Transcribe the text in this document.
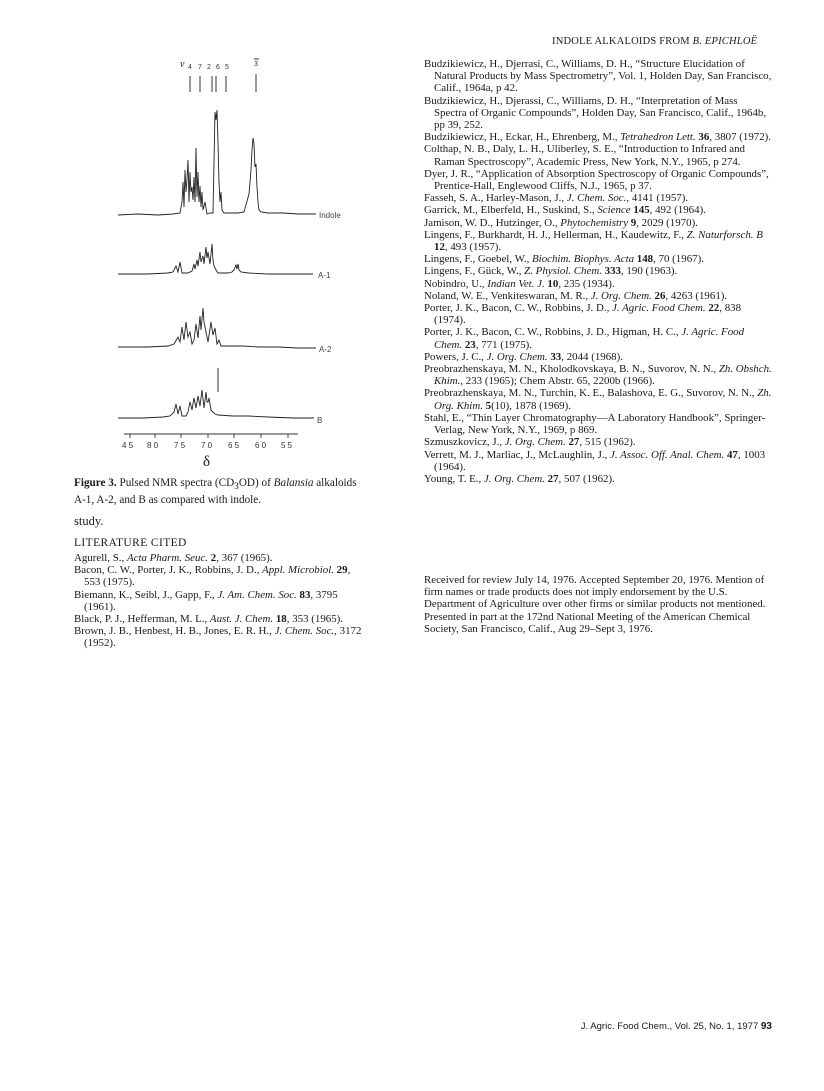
INDOLE ALKALOIDS FROM B. EPICHLOË
ν 4 7 2 6 5	3
Indole
A-1
A-2
B
4 5 8 0 7 5 7 0 6 5 6 0 5 5
δ
Figure 3. Pulsed NMR spectra $(CD_3OD)$ of Balansia alkaloids A-1, A-2, and B as compared with indole.

study.

LITERATURE CITED

Agurell, S., Acta Pharm. Seuc. 2, 367 (1965).

Bacon, C. W., Porter, J. K., Robbins, J. D., Appl. Microbiol. 29, 553 (1975).

Biemann, K., Seibl, J., Gapp, F., J. Am. Chem. Soc. 83, 3795 (1961).

Black, P. J., Hefferman, M. L., Aust. J. Chem. 18, 353 (1965).

Brown, J. B., Henbest, H. B., Jones, E. R. H., J. Chem. Soc., 3172 (1952).

Budzikiewicz, H., Djerrasi, C., Williams, D. H., “Structure Elucidation of Natural Products by Mass Spectrometry”, Vol. 1, Holden Day, San Francisco, Calif., 1964a, p 42.

Budzikiewicz, H., Djerassi, C., Williams, D. H., “Interpretation of Mass Spectra of Organic Compounds”, Holden Day, San Francisco, Calif., 1964b, pp 39, 252.

Budzikiewicz, H., Eckar, H., Ehrenberg, M., Tetrahedron Lett. 36, 3807 (1972).

Colthap, N. B., Daly, L. H., Uliberley, S. E., “Introduction to Infrared and Raman Spectroscopy”, Academic Press, New York, N.Y., 1965, p 274.

Dyer, J. R., “Application of Absorption Spectroscopy of Organic Compounds”, Prentice-Hall, Englewood Cliffs, N.J., 1965, p 37.

Fasseh, S. A., Harley-Mason, J., J. Chem. Soc., 4141 (1957).

Garrick, M., Elberfeld, H., Suskind, S., Science 145, 492 (1964).

Jamison, W. D., Hutzinger, O., Phytochemistry 9, 2029 (1970).

Lingens, F., Burkhardt, H. J., Hellerman, H., Kaudewitz, F., Z. Naturforsch. B 12, 493 (1957).

Lingens, F., Goebel, W., Biochim. Biophys. Acta 148, 70 (1967).

Lingens, F., Gück, W., Z. Physiol. Chem. 333, 190 (1963).

Nobindro, U., Indian Vet. J. 10, 235 (1934).

Noland, W. E., Venkiteswaran, M. R., J. Org. Chem. 26, 4263 (1961).

Porter, J. K., Bacon, C. W., Robbins, J. D., J. Agric. Food Chem. 22, 838 (1974).

Porter, J. K., Bacon, C. W., Robbins, J. D., Higman, H. C., J. Agric. Food Chem. 23, 771 (1975).

Powers, J. C., J. Org. Chem. 33, 2044 (1968).

Preobrazhenskaya, M. N., Kholodkovskaya, B. N., Suvorov, N. N., Zh. Obshch. Khim., 233 (1965); Chem Abstr. 65, 2200b (1966).

Preobrazhenskaya, M. N., Turchin, K. E., Balashova, E. G., Suvorov, N. N., Zh. Org. Khim. 5(10), 1878 (1969).

Stahl, E., “Thin Layer Chromatography—A Laboratory Handbook”, Springer-Verlag, New York, N.Y., 1969, p 869.

Szmuszkovicz, J., J. Org. Chem. 27, 515 (1962).

Verrett, M. J., Marliac, J., McLaughlin, J., J. Assoc. Off. Anal. Chem. 47, 1003 (1964).

Young, T. E., J. Org. Chem. 27, 507 (1962).

Received for review July 14, 1976. Accepted September 20, 1976. Mention of firm names or trade products does not imply endorsement by the U.S. Department of Agriculture over other firms or similar products not mentioned. Presented in part at the 172nd National Meeting of the American Chemical Society, San Francisco, Calif., Aug 29–Sept 3, 1976.
J. Agric. Food Chem., Vol. 25, No. 1, 1977 93
